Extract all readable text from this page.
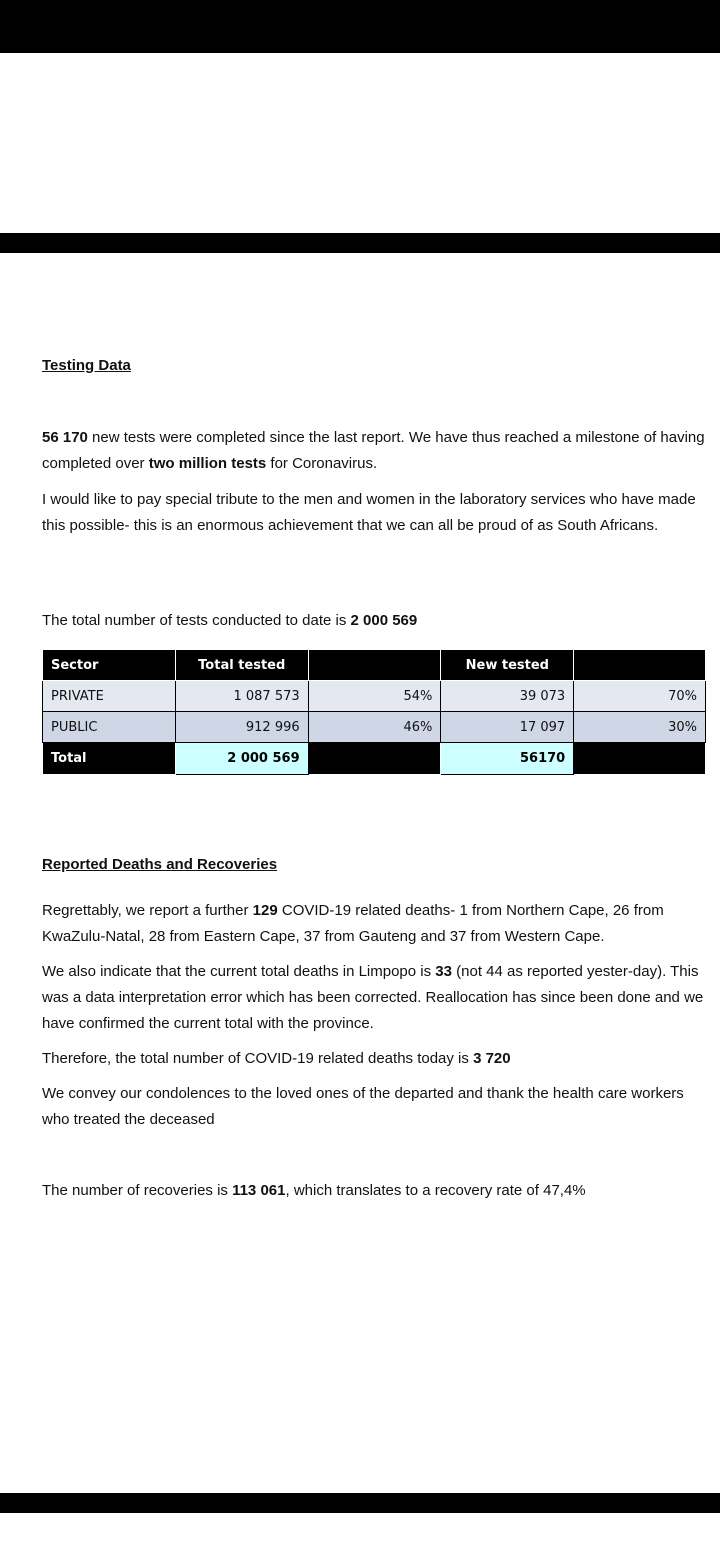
Testing Data

56 170 new tests were completed since the last report. We have thus reached a milestone of having completed over two million tests for Coronavirus.

I would like to pay special tribute to the men and women in the laboratory services who have made this possible- this is an enormous achievement that we can all be proud of as South Africans.

The total number of tests conducted to date is 2 000 569

Sector	Total tested		New tested	
PRIVATE	1 087 573	54%	39 073	70%
PUBLIC	912 996	46%	17 097	30%
Total	2 000 569		56170	
Reported Deaths and Recoveries

Regrettably, we report a further 129 COVID-19 related deaths- 1 from Northern Cape, 26 from KwaZulu-Natal, 28 from Eastern Cape, 37 from Gauteng and 37 from Western Cape.

We also indicate that the current total deaths in Limpopo is 33 (not 44 as reported yester-day). This was a data interpretation error which has been corrected. Reallocation has since been done and we have confirmed the current total with the province.

Therefore, the total number of COVID-19 related deaths today is 3 720

We convey our condolences to the loved ones of the departed and thank the health care workers who treated the deceased

The number of recoveries is 113 061, which translates to a recovery rate of 47,4%
